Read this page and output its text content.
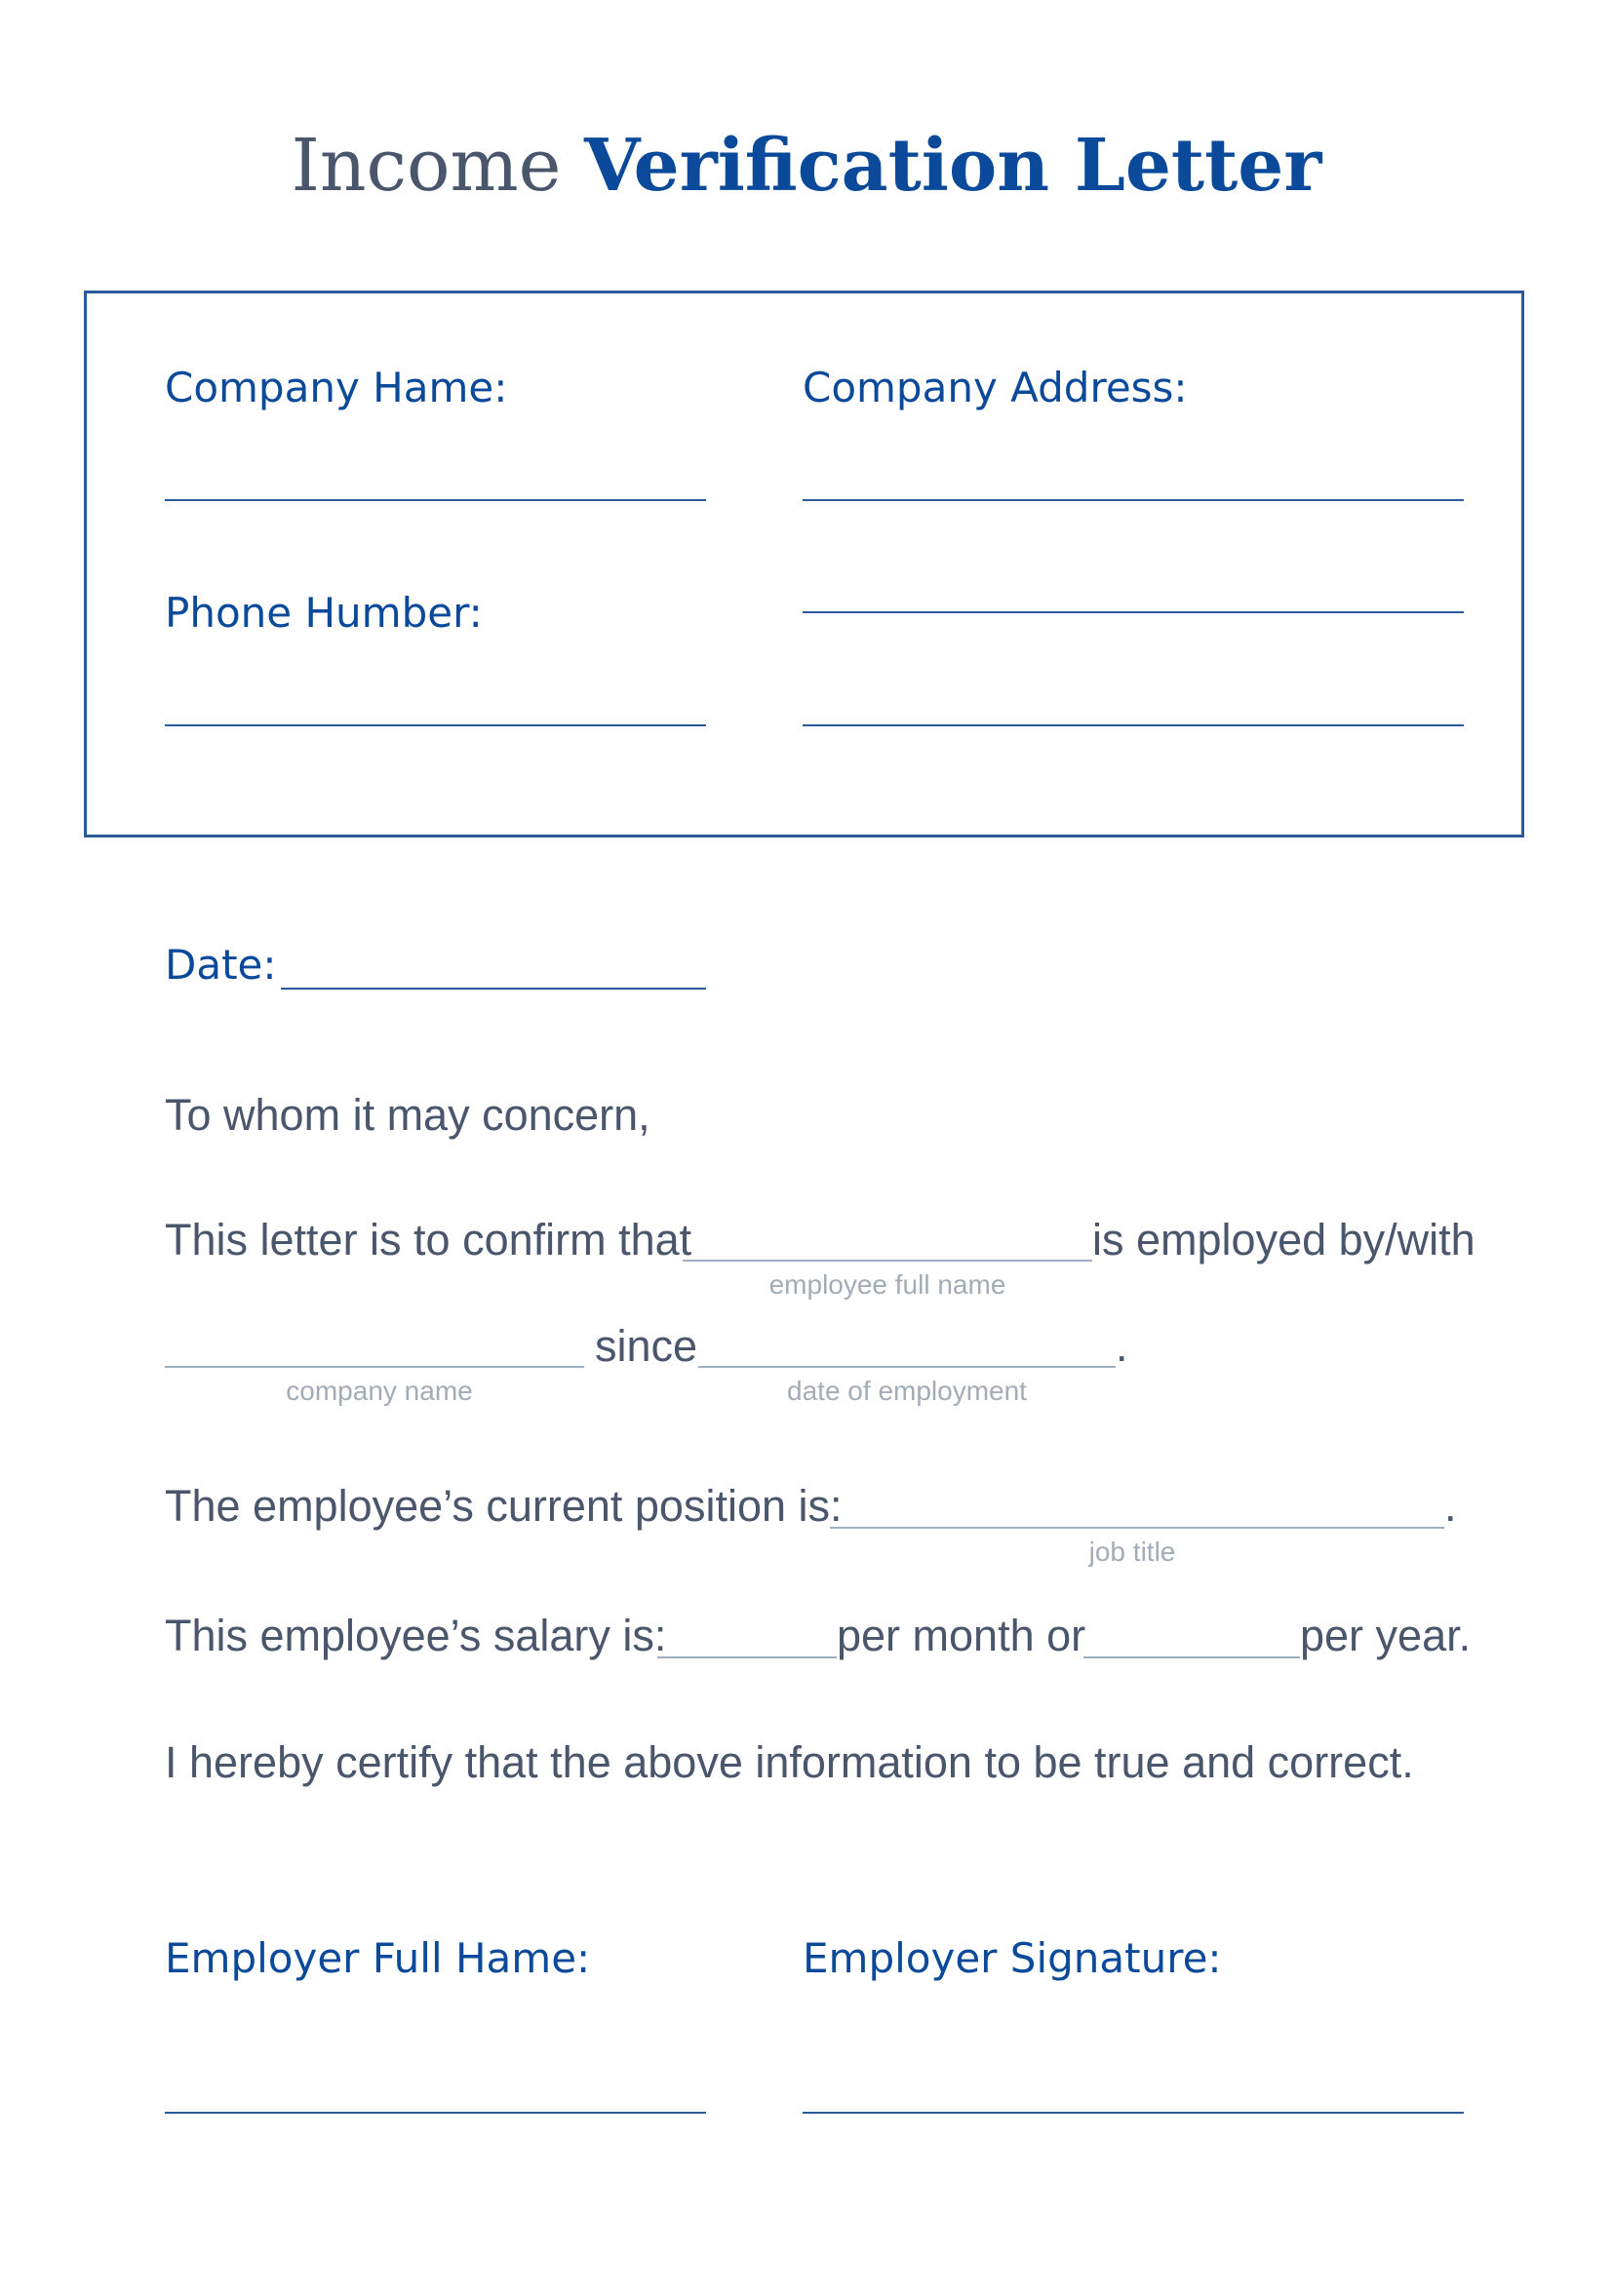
Income Verification Letter
Company Hame:	Company Address:
Phone Humber:
Date:
To whom it may concern,
This letter is to confirm that	is employed by/with
employee full name
since	.
company name	date of employment
The employee’s current position is:	.
job title
This employee’s salary is:	per month or	per year.
I hereby certify that the above information to be true and correct.
Employer Full Hame:	Employer Signature:
